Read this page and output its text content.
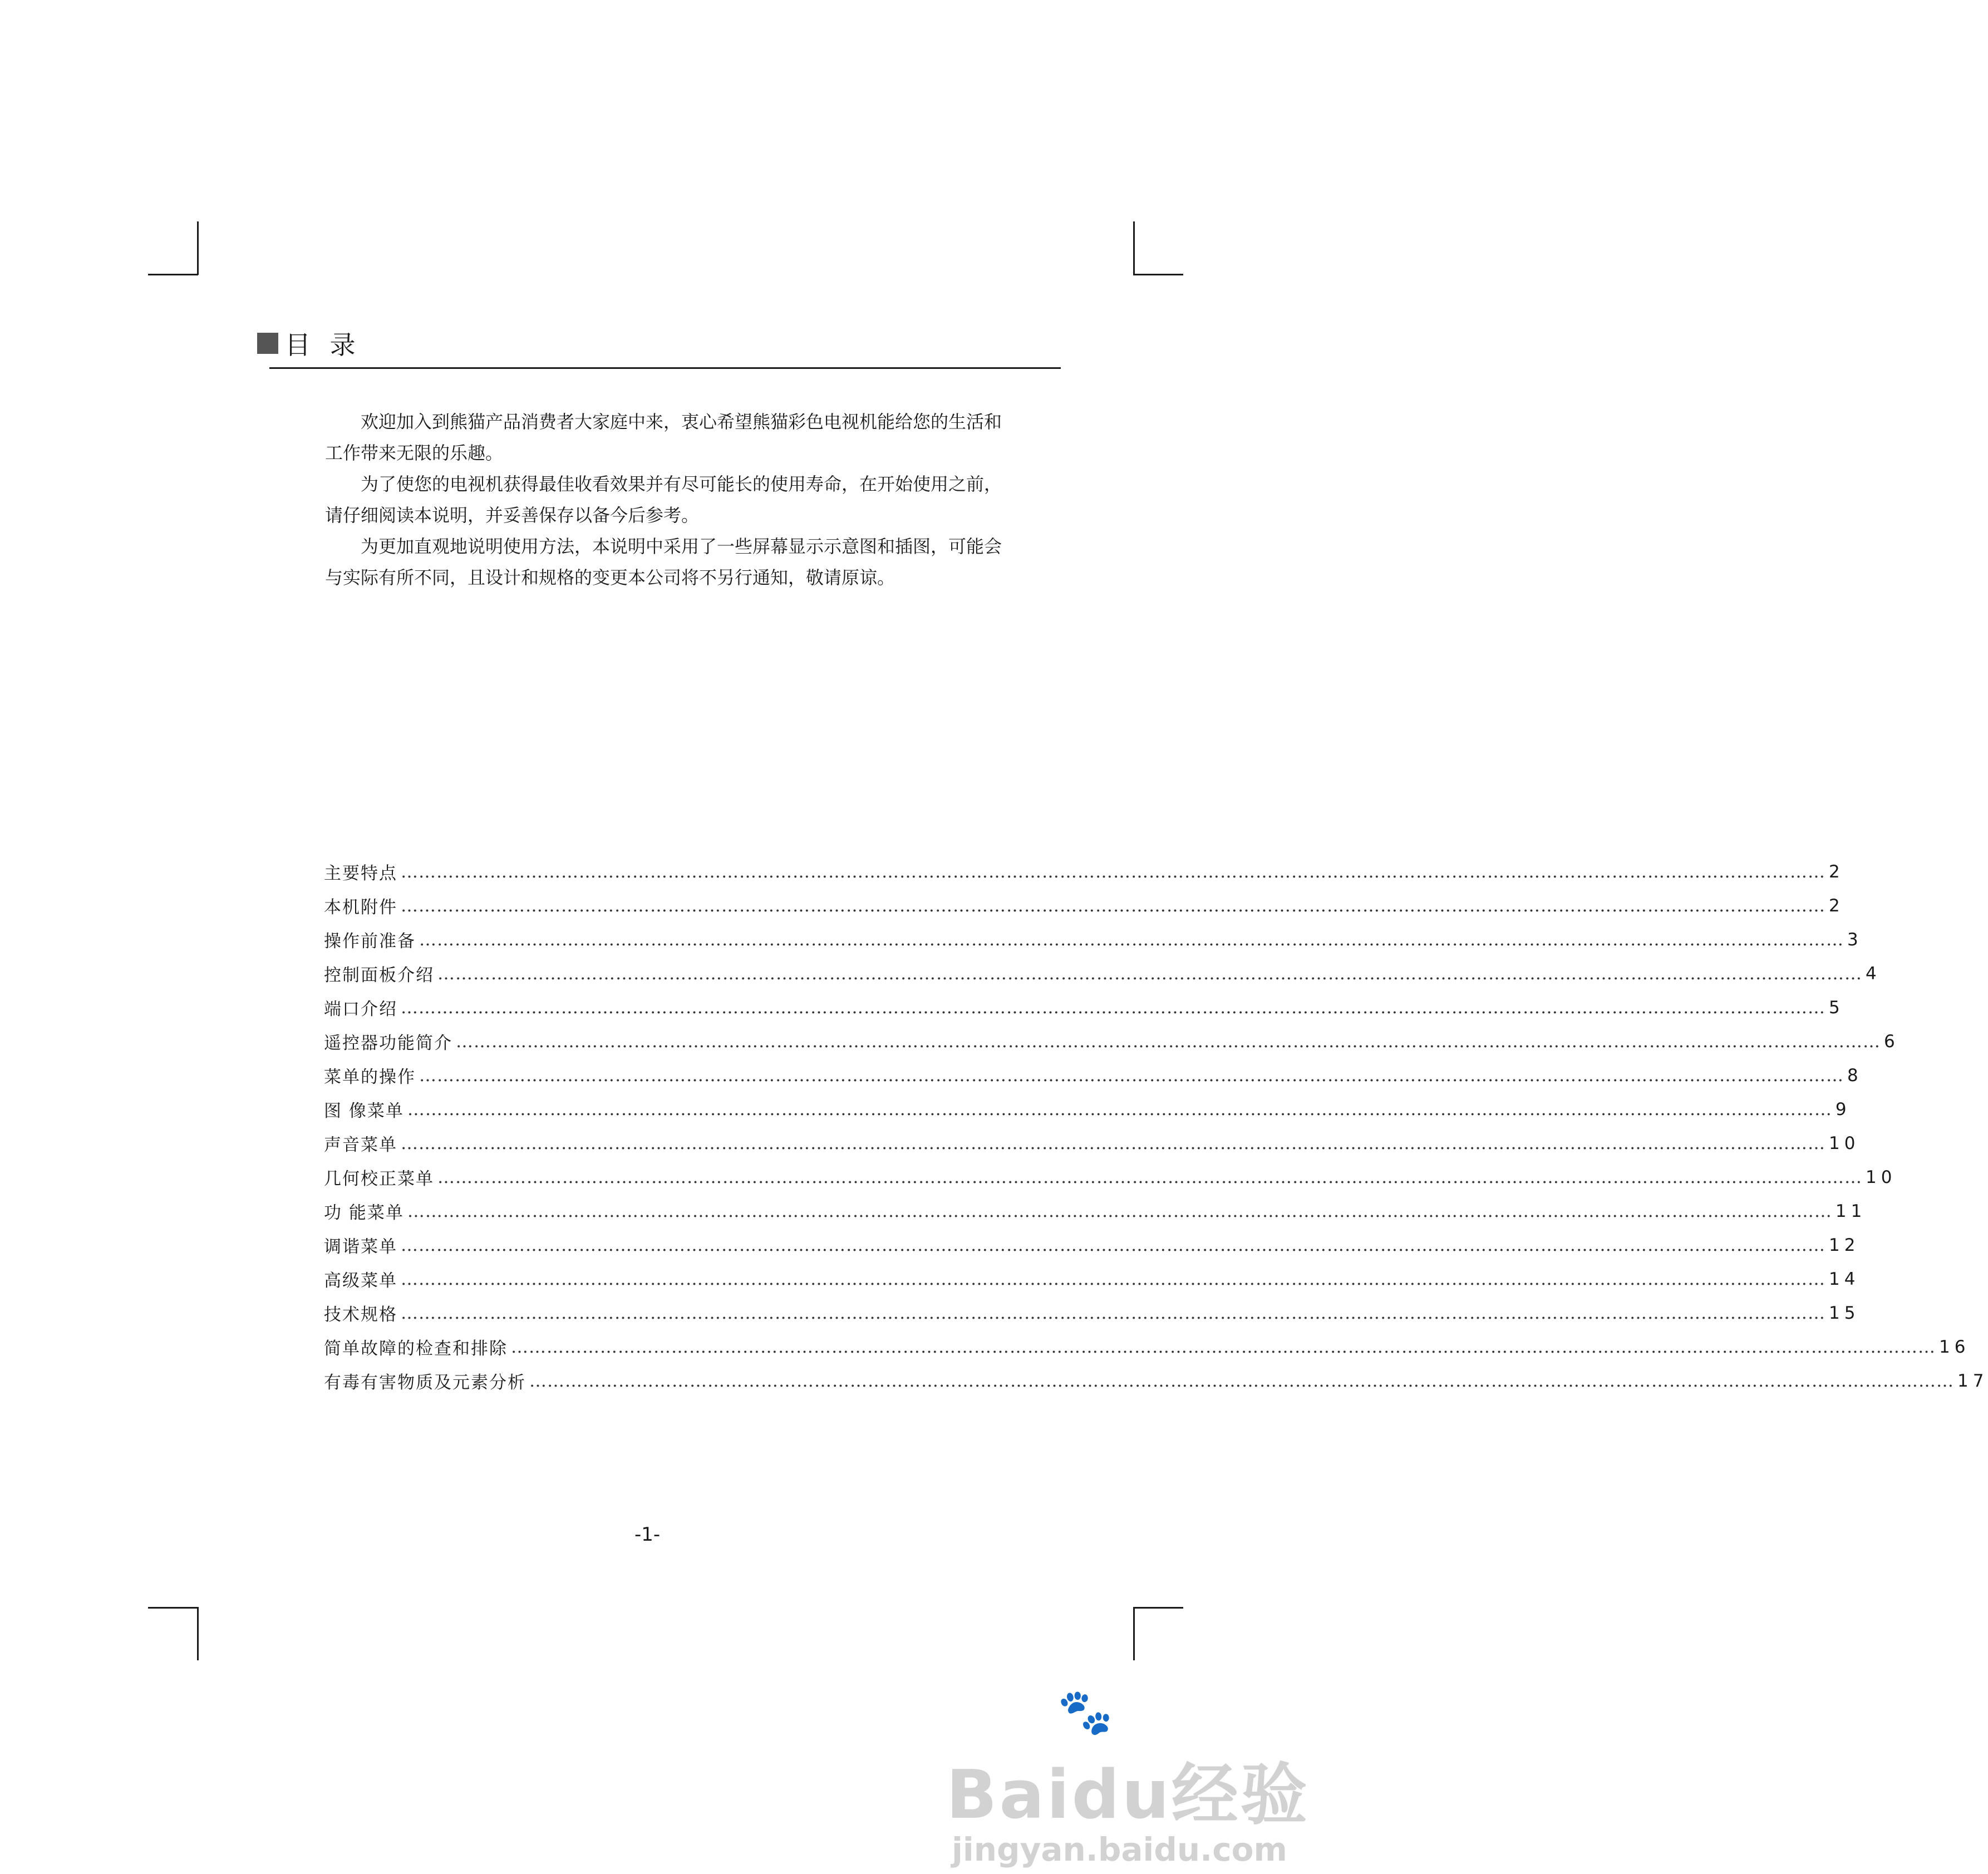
目 录

欢迎加入到熊猫产品消费者大家庭中来，衷心希望熊猫彩色电视机能给您的生活和工作带来无限的乐趣。

为了使您的电视机获得最佳收看效果并有尽可能长的使用寿命，在开始使用之前，请仔细阅读本说明，并妥善保存以备今后参考。

为更加直观地说明使用方法，本说明中采用了一些屏幕显示示意图和插图，可能会与实际有所不同，且设计和规格的变更本公司将不另行通知，敬请原谅。

主要特点 …………………………………………………………………………………………………………………………………………………………………………………………………………………… 2
本机附件 …………………………………………………………………………………………………………………………………………………………………………………………………………………… 2
操作前准备 …………………………………………………………………………………………………………………………………………………………………………………………………………………… 3
控制面板介绍 …………………………………………………………………………………………………………………………………………………………………………………………………………………… 4
端口介绍 …………………………………………………………………………………………………………………………………………………………………………………………………………………… 5
遥控器功能简介 …………………………………………………………………………………………………………………………………………………………………………………………………………………… 6
菜单的操作 …………………………………………………………………………………………………………………………………………………………………………………………………………………… 8
图 像菜单 …………………………………………………………………………………………………………………………………………………………………………………………………………………… 9
声音菜单 …………………………………………………………………………………………………………………………………………………………………………………………………………………… 10
几何校正菜单 …………………………………………………………………………………………………………………………………………………………………………………………………………………… 10
功 能菜单 …………………………………………………………………………………………………………………………………………………………………………………………………………………… 11
调谐菜单 …………………………………………………………………………………………………………………………………………………………………………………………………………………… 12
高级菜单 …………………………………………………………………………………………………………………………………………………………………………………………………………………… 14
技术规格 …………………………………………………………………………………………………………………………………………………………………………………………………………………… 15
简单故障的检查和排除 …………………………………………………………………………………………………………………………………………………………………………………………………………………… 16
有毒有害物质及元素分析 …………………………………………………………………………………………………………………………………………………………………………………………………………………… 17
-1-
🐾
Baidu经验
jingyan.baidu.com
